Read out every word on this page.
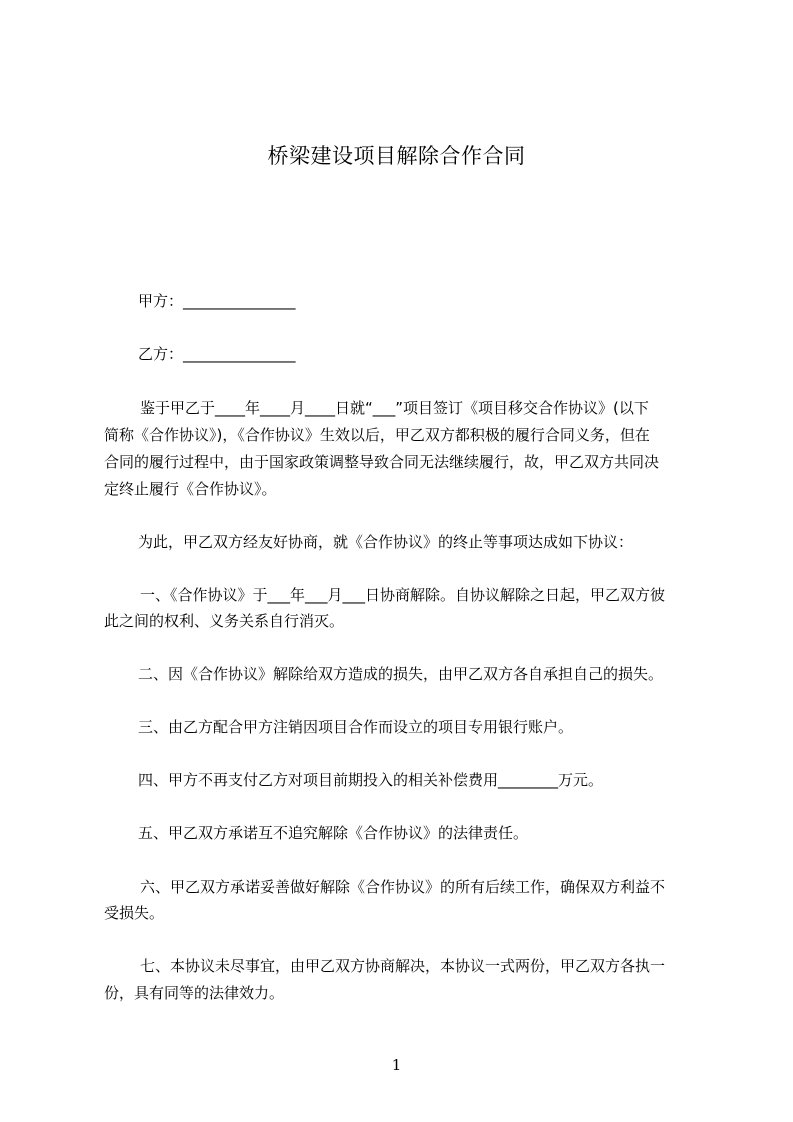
桥梁建设项目解除合作合同
甲方：_______________
乙方：_______________
鉴于甲乙于____年____月____日就“___”项目签订《项目移交合作协议》(以下
简称《合作协议》)，《合作协议》生效以后，甲乙双方都积极的履行合同义务，但在
合同的履行过程中，由于国家政策调整导致合同无法继续履行，故，甲乙双方共同决
定终止履行《合作协议》。
为此，甲乙双方经友好协商，就《合作协议》的终止等事项达成如下协议：
一、《合作协议》于___年___月___日协商解除。自协议解除之日起，甲乙双方彼
此之间的权利、义务关系自行消灭。
二、因《合作协议》解除给双方造成的损失，由甲乙双方各自承担自己的损失。
三、由乙方配合甲方注销因项目合作而设立的项目专用银行账户。
四、甲方不再支付乙方对项目前期投入的相关补偿费用________万元。
五、甲乙双方承诺互不追究解除《合作协议》的法律责任。
六、甲乙双方承诺妥善做好解除《合作协议》的所有后续工作，确保双方利益不
受损失。
七、本协议未尽事宜，由甲乙双方协商解决，本协议一式两份，甲乙双方各执一
份，具有同等的法律效力。
1
